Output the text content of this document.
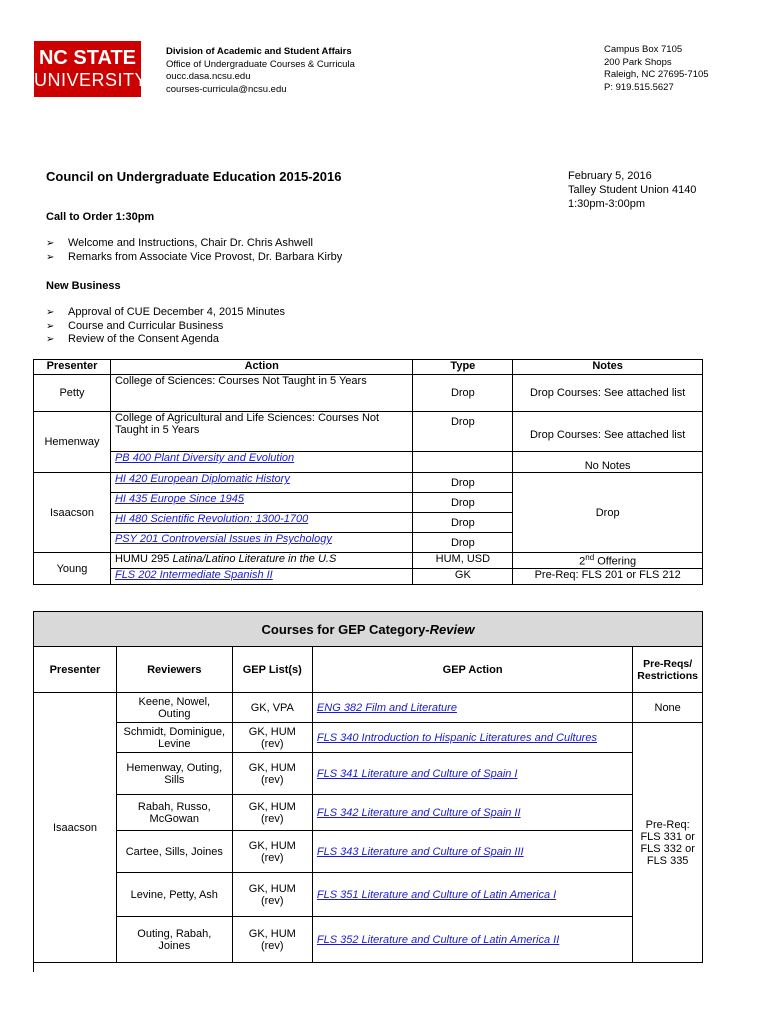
NC STATE
UNIVERSITY
Division of Academic and Student Affairs
Office of Undergraduate Courses & Curricula
oucc.dasa.ncsu.edu
courses-curricula@ncsu.edu
Campus Box 7105
200 Park Shops
Raleigh, NC 27695-7105
P: 919.515.5627
Council on Undergraduate Education 2015-2016	February 5, 2016
Talley Student Union 4140
1:30pm-3:00pm
Call to Order 1:30pm
➢ Welcome and Instructions, Chair Dr. Chris Ashwell
➢ Remarks from Associate Vice Provost, Dr. Barbara Kirby
New Business
➢ Approval of CUE December 4, 2015 Minutes
➢ Course and Curricular Business
➢ Review of the Consent Agenda
Presenter	Action	Type	Notes
Petty	College of Sciences: Courses Not Taught in 5 Years	Drop	Drop Courses: See attached list
Hemenway	College of Agricultural and Life Sciences: Courses Not Taught in 5 Years	Drop	Drop Courses: See attached list
	PB 400 Plant Diversity and Evolution		No Notes
Isaacson	HI 420 European Diplomatic History	Drop	Drop
	HI 435 Europe Since 1945	Drop	
	HI 480 Scientific Revolution: 1300-1700	Drop	
	PSY 201 Controversial Issues in Psychology	Drop	
Young	HUMU 295 Latina/Latino Literature in the U.S	HUM, USD	2nd Offering
	FLS 202 Intermediate Spanish II	GK	Pre-Req: FLS 201 or FLS 212
Courses for GEP Category-Review				
Presenter	Reviewers	GEP List(s)	GEP Action	Pre-Reqs/ Restrictions
Isaacson	Keene, Nowel, Outing	GK, VPA	ENG 382 Film and Literature	None
	Schmidt, Dominigue, Levine	GK, HUM (rev)	FLS 340 Introduction to Hispanic Literatures and Cultures	Pre-Req: FLS 331 or FLS 332 or FLS 335
	Hemenway, Outing, Sills	GK, HUM (rev)	FLS 341 Literature and Culture of Spain I	
	Rabah, Russo, McGowan	GK, HUM (rev)	FLS 342 Literature and Culture of Spain II	
	Cartee, Sills, Joines	GK, HUM (rev)	FLS 343 Literature and Culture of Spain III	
	Levine, Petty, Ash	GK, HUM (rev)	FLS 351 Literature and Culture of Latin America I	
	Outing, Rabah, Joines	GK, HUM (rev)	FLS 352 Literature and Culture of Latin America II	
